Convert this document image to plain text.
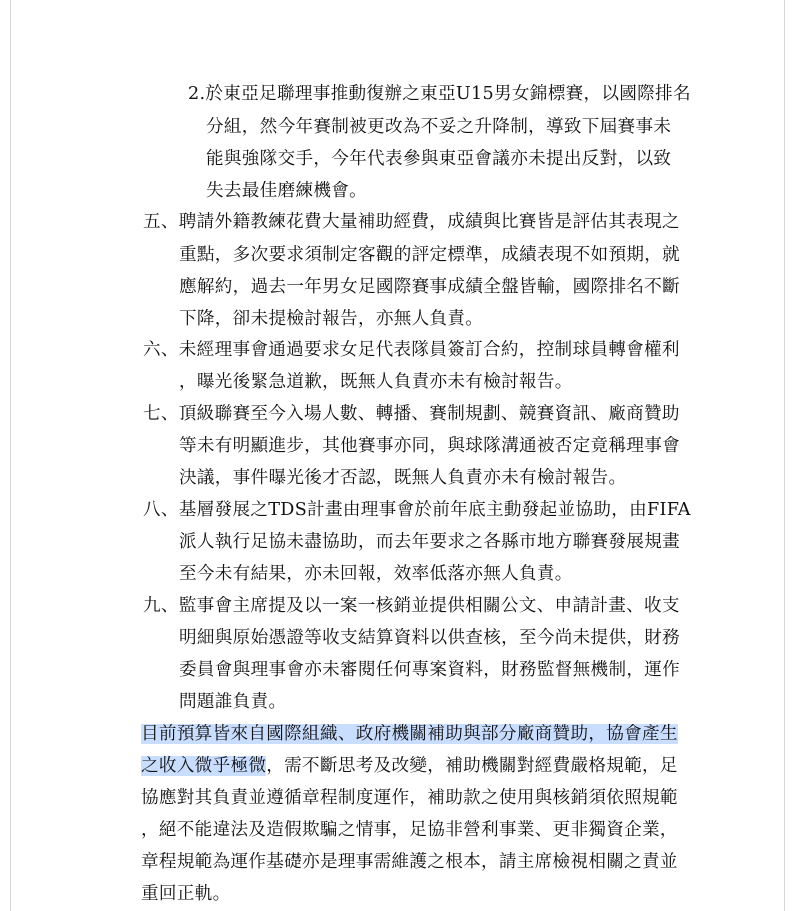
2.於東亞足聯理事推動復辦之東亞U15男女錦標賽，以國際排名
分組，然今年賽制被更改為不妥之升降制，導致下屆賽事未
能與強隊交手，今年代表參與東亞會議亦未提出反對，以致
失去最佳磨練機會。
五、聘請外籍教練花費大量補助經費，成績與比賽皆是評估其表現之
重點，多次要求須制定客觀的評定標準，成績表現不如預期，就
應解約，過去一年男女足國際賽事成績全盤皆輸，國際排名不斷
下降，卻未提檢討報告，亦無人負責。
六、未經理事會通過要求女足代表隊員簽訂合約，控制球員轉會權利
，曝光後緊急道歉，既無人負責亦未有檢討報告。
七、頂級聯賽至今入場人數、轉播、賽制規劃、競賽資訊、廠商贊助
等未有明顯進步，其他賽事亦同，與球隊溝通被否定竟稱理事會
決議，事件曝光後才否認，既無人負責亦未有檢討報告。
八、基層發展之TDS計畫由理事會於前年底主動發起並協助，由FIFA
派人執行足協未盡協助，而去年要求之各縣市地方聯賽發展規畫
至今未有結果，亦未回報，效率低落亦無人負責。
九、監事會主席提及以一案一核銷並提供相關公文、申請計畫、收支
明細與原始憑證等收支結算資料以供查核，至今尚未提供，財務
委員會與理事會亦未審閱任何專案資料，財務監督無機制，運作
問題誰負責。
目前預算皆來自國際組織、政府機關補助與部分廠商贊助，協會產生
之收入微乎極微，需不斷思考及改變，補助機關對經費嚴格規範，足
協應對其負責並遵循章程制度運作，補助款之使用與核銷須依照規範
，絕不能違法及造假欺騙之情事，足協非營利事業、更非獨資企業，
章程規範為運作基礎亦是理事需維護之根本，請主席檢視相關之責並
重回正軌。
